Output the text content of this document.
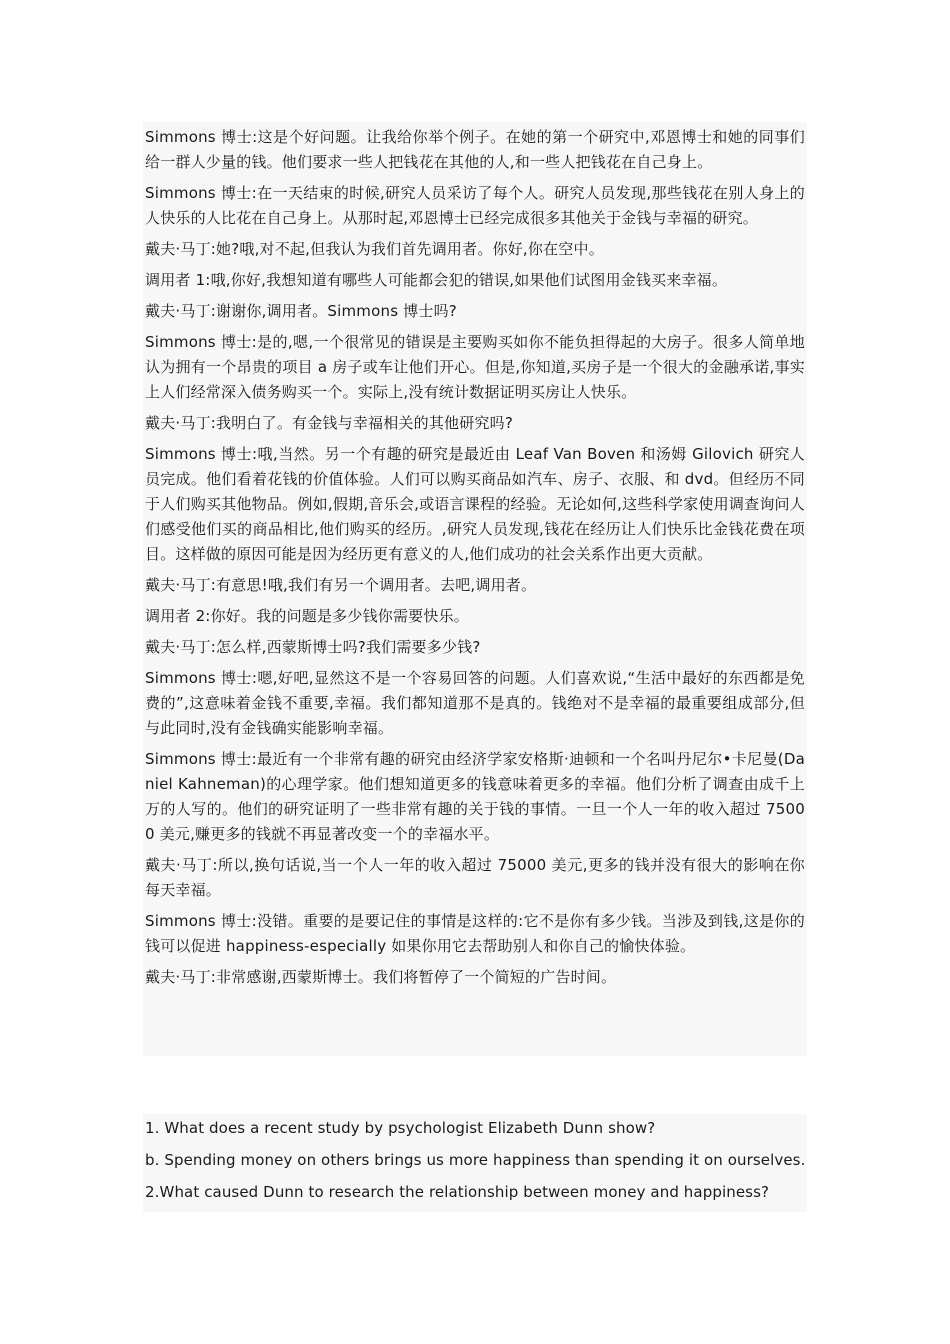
Simmons 博士:这是个好问题。让我给你举个例子。在她的第一个研究中,邓恩博士和她的同事们给一群人少量的钱。他们要求一些人把钱花在其他的人,和一些人把钱花在自己身上。

Simmons 博士:在一天结束的时候,研究人员采访了每个人。研究人员发现,那些钱花在别人身上的人快乐的人比花在自己身上。从那时起,邓恩博士已经完成很多其他关于金钱与幸福的研究。

戴夫·马丁:她?哦,对不起,但我认为我们首先调用者。你好,你在空中。

调用者 1:哦,你好,我想知道有哪些人可能都会犯的错误,如果他们试图用金钱买来幸福。

戴夫·马丁:谢谢你,调用者。Simmons 博士吗?

Simmons 博士:是的,嗯,一个很常见的错误是主要购买如你不能负担得起的大房子。很多人简单地认为拥有一个昂贵的项目 a 房子或车让他们开心。但是,你知道,买房子是一个很大的金融承诺,事实上人们经常深入债务购买一个。实际上,没有统计数据证明买房让人快乐。

戴夫·马丁:我明白了。有金钱与幸福相关的其他研究吗?

Simmons 博士:哦,当然。另一个有趣的研究是最近由 Leaf Van Boven 和汤姆 Gilovich 研究人员完成。他们看着花钱的价值体验。人们可以购买商品如汽车、房子、衣服、和 dvd。但经历不同于人们购买其他物品。例如,假期,音乐会,或语言课程的经验。无论如何,这些科学家使用调查询问人们感受他们买的商品相比,他们购买的经历。,研究人员发现,钱花在经历让人们快乐比金钱花费在项目。这样做的原因可能是因为经历更有意义的人,他们成功的社会关系作出更大贡献。

戴夫·马丁:有意思!哦,我们有另一个调用者。去吧,调用者。

调用者 2:你好。我的问题是多少钱你需要快乐。

戴夫·马丁:怎么样,西蒙斯博士吗?我们需要多少钱?

Simmons 博士:嗯,好吧,显然这不是一个容易回答的问题。人们喜欢说,“生活中最好的东西都是免费的”,这意味着金钱不重要,幸福。我们都知道那不是真的。钱绝对不是幸福的最重要组成部分,但与此同时,没有金钱确实能影响幸福。

Simmons 博士:最近有一个非常有趣的研究由经济学家安格斯·迪顿和一个名叫丹尼尔•卡尼曼(Daniel Kahneman)的心理学家。他们想知道更多的钱意味着更多的幸福。他们分析了调查由成千上万的人写的。他们的研究证明了一些非常有趣的关于钱的事情。一旦一个人一年的收入超过 75000 美元,赚更多的钱就不再显著改变一个的幸福水平。

戴夫·马丁:所以,换句话说,当一个人一年的收入超过 75000 美元,更多的钱并没有很大的影响在你每天幸福。

Simmons 博士:没错。重要的是要记住的事情是这样的:它不是你有多少钱。当涉及到钱,这是你的钱可以促进 happiness-especially 如果你用它去帮助别人和你自己的愉快体验。

戴夫·马丁:非常感谢,西蒙斯博士。我们将暂停了一个简短的广告时间。

1. What does a recent study by psychologist Elizabeth Dunn show?

b. Spending money on others brings us more happiness than spending it on ourselves.

2.What caused Dunn to research the relationship between money and happiness?
